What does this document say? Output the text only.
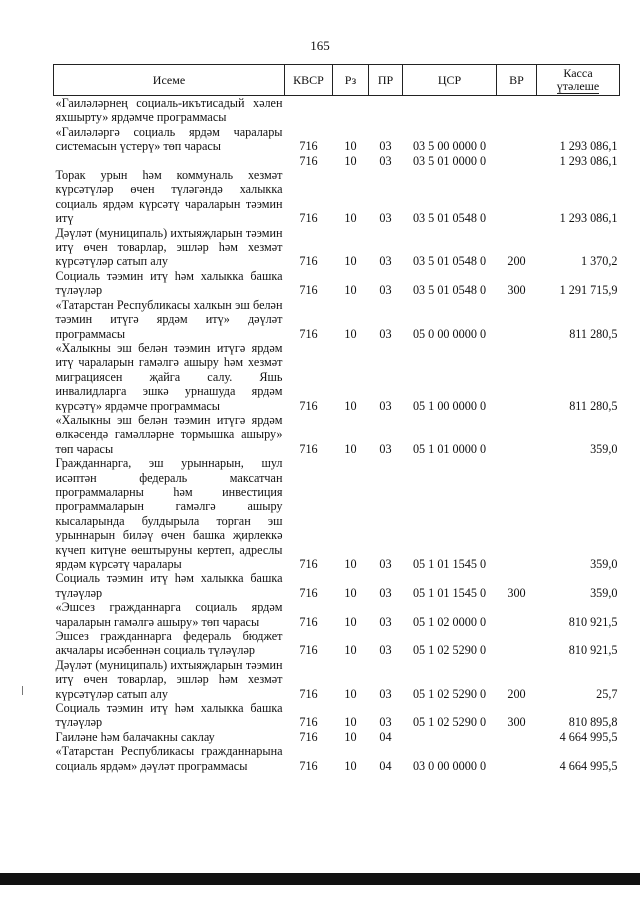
165
Исеме	КВСР	Рз	ПР	ЦСР	ВР	Касса
үтәлеше
«Гаиләләрнең социаль-икътисадый хәлен яхшырту» ярдәмче программасы						
«Гаиләләргә социаль ярдәм чаралары системасын үстерү» төп чарасы	716	10	03	03 5 00 0000 0		1 293 086,1
	716	10	03	03 5 01 0000 0		1 293 086,1
Торак урын һәм коммуналь хезмәт күрсәтүләр өчен түләгәндә халыкка социаль ярдәм күрсәтү чараларын тәэмин итү	716	10	03	03 5 01 0548 0		1 293 086,1
Дәүләт (муниципаль) ихтыяҗларын тәэмин итү өчен товарлар, эшләр һәм хезмәт күрсәтүләр сатып алу	716	10	03	03 5 01 0548 0	200	1 370,2
Социаль тәэмин итү һәм халыкка башка түләүләр	716	10	03	03 5 01 0548 0	300	1 291 715,9
«Татарстан Республикасы халкын эш белән тәэмин итүгә ярдәм итү» дәүләт программасы	716	10	03	05 0 00 0000 0		811 280,5
«Халыкны эш белән тәэмин итүгә ярдәм итү чараларын гамәлгә ашыру һәм хезмәт миграциясен җайга салу. Яшь инвалидларга эшкә урнашуда ярдәм күрсәтү» ярдәмче программасы	716	10	03	05 1 00 0000 0		811 280,5
«Халыкны эш белән тәэмин итүгә ярдәм өлкәсендә гамәлләрне тормышка ашыру» төп чарасы	716	10	03	05 1 01 0000 0		359,0
Гражданнарга, эш урыннарын, шул исәптән федераль максатчан программаларны һәм инвестиция программаларын гамәлгә ашыру кысаларында булдырыла торган эш урыннарын биләү өчен башка җирлеккә күчеп китүне өештыруны кертеп, адреслы ярдәм күрсәтү чаралары	716	10	03	05 1 01 1545 0		359,0
Социаль тәэмин итү һәм халыкка башка түләүләр	716	10	03	05 1 01 1545 0	300	359,0
«Эшсез гражданнарга социаль ярдәм чараларын гамәлгә ашыру» төп чарасы	716	10	03	05 1 02 0000 0		810 921,5
Эшсез гражданнарга федераль бюджет акчалары исәбеннән социаль түләүләр	716	10	03	05 1 02 5290 0		810 921,5
Дәүләт (муниципаль) ихтыяҗларын тәэмин итү өчен товарлар, эшләр һәм хезмәт күрсәтүләр сатып алу	716	10	03	05 1 02 5290 0	200	25,7
Социаль тәэмин итү һәм халыкка башка түләүләр	716	10	03	05 1 02 5290 0	300	810 895,8
Гаиләне һәм балачакны саклау	716	10	04			4 664 995,5
«Татарстан Республикасы гражданнарына социаль ярдәм» дәүләт программасы	716	10	04	03 0 00 0000 0		4 664 995,5
